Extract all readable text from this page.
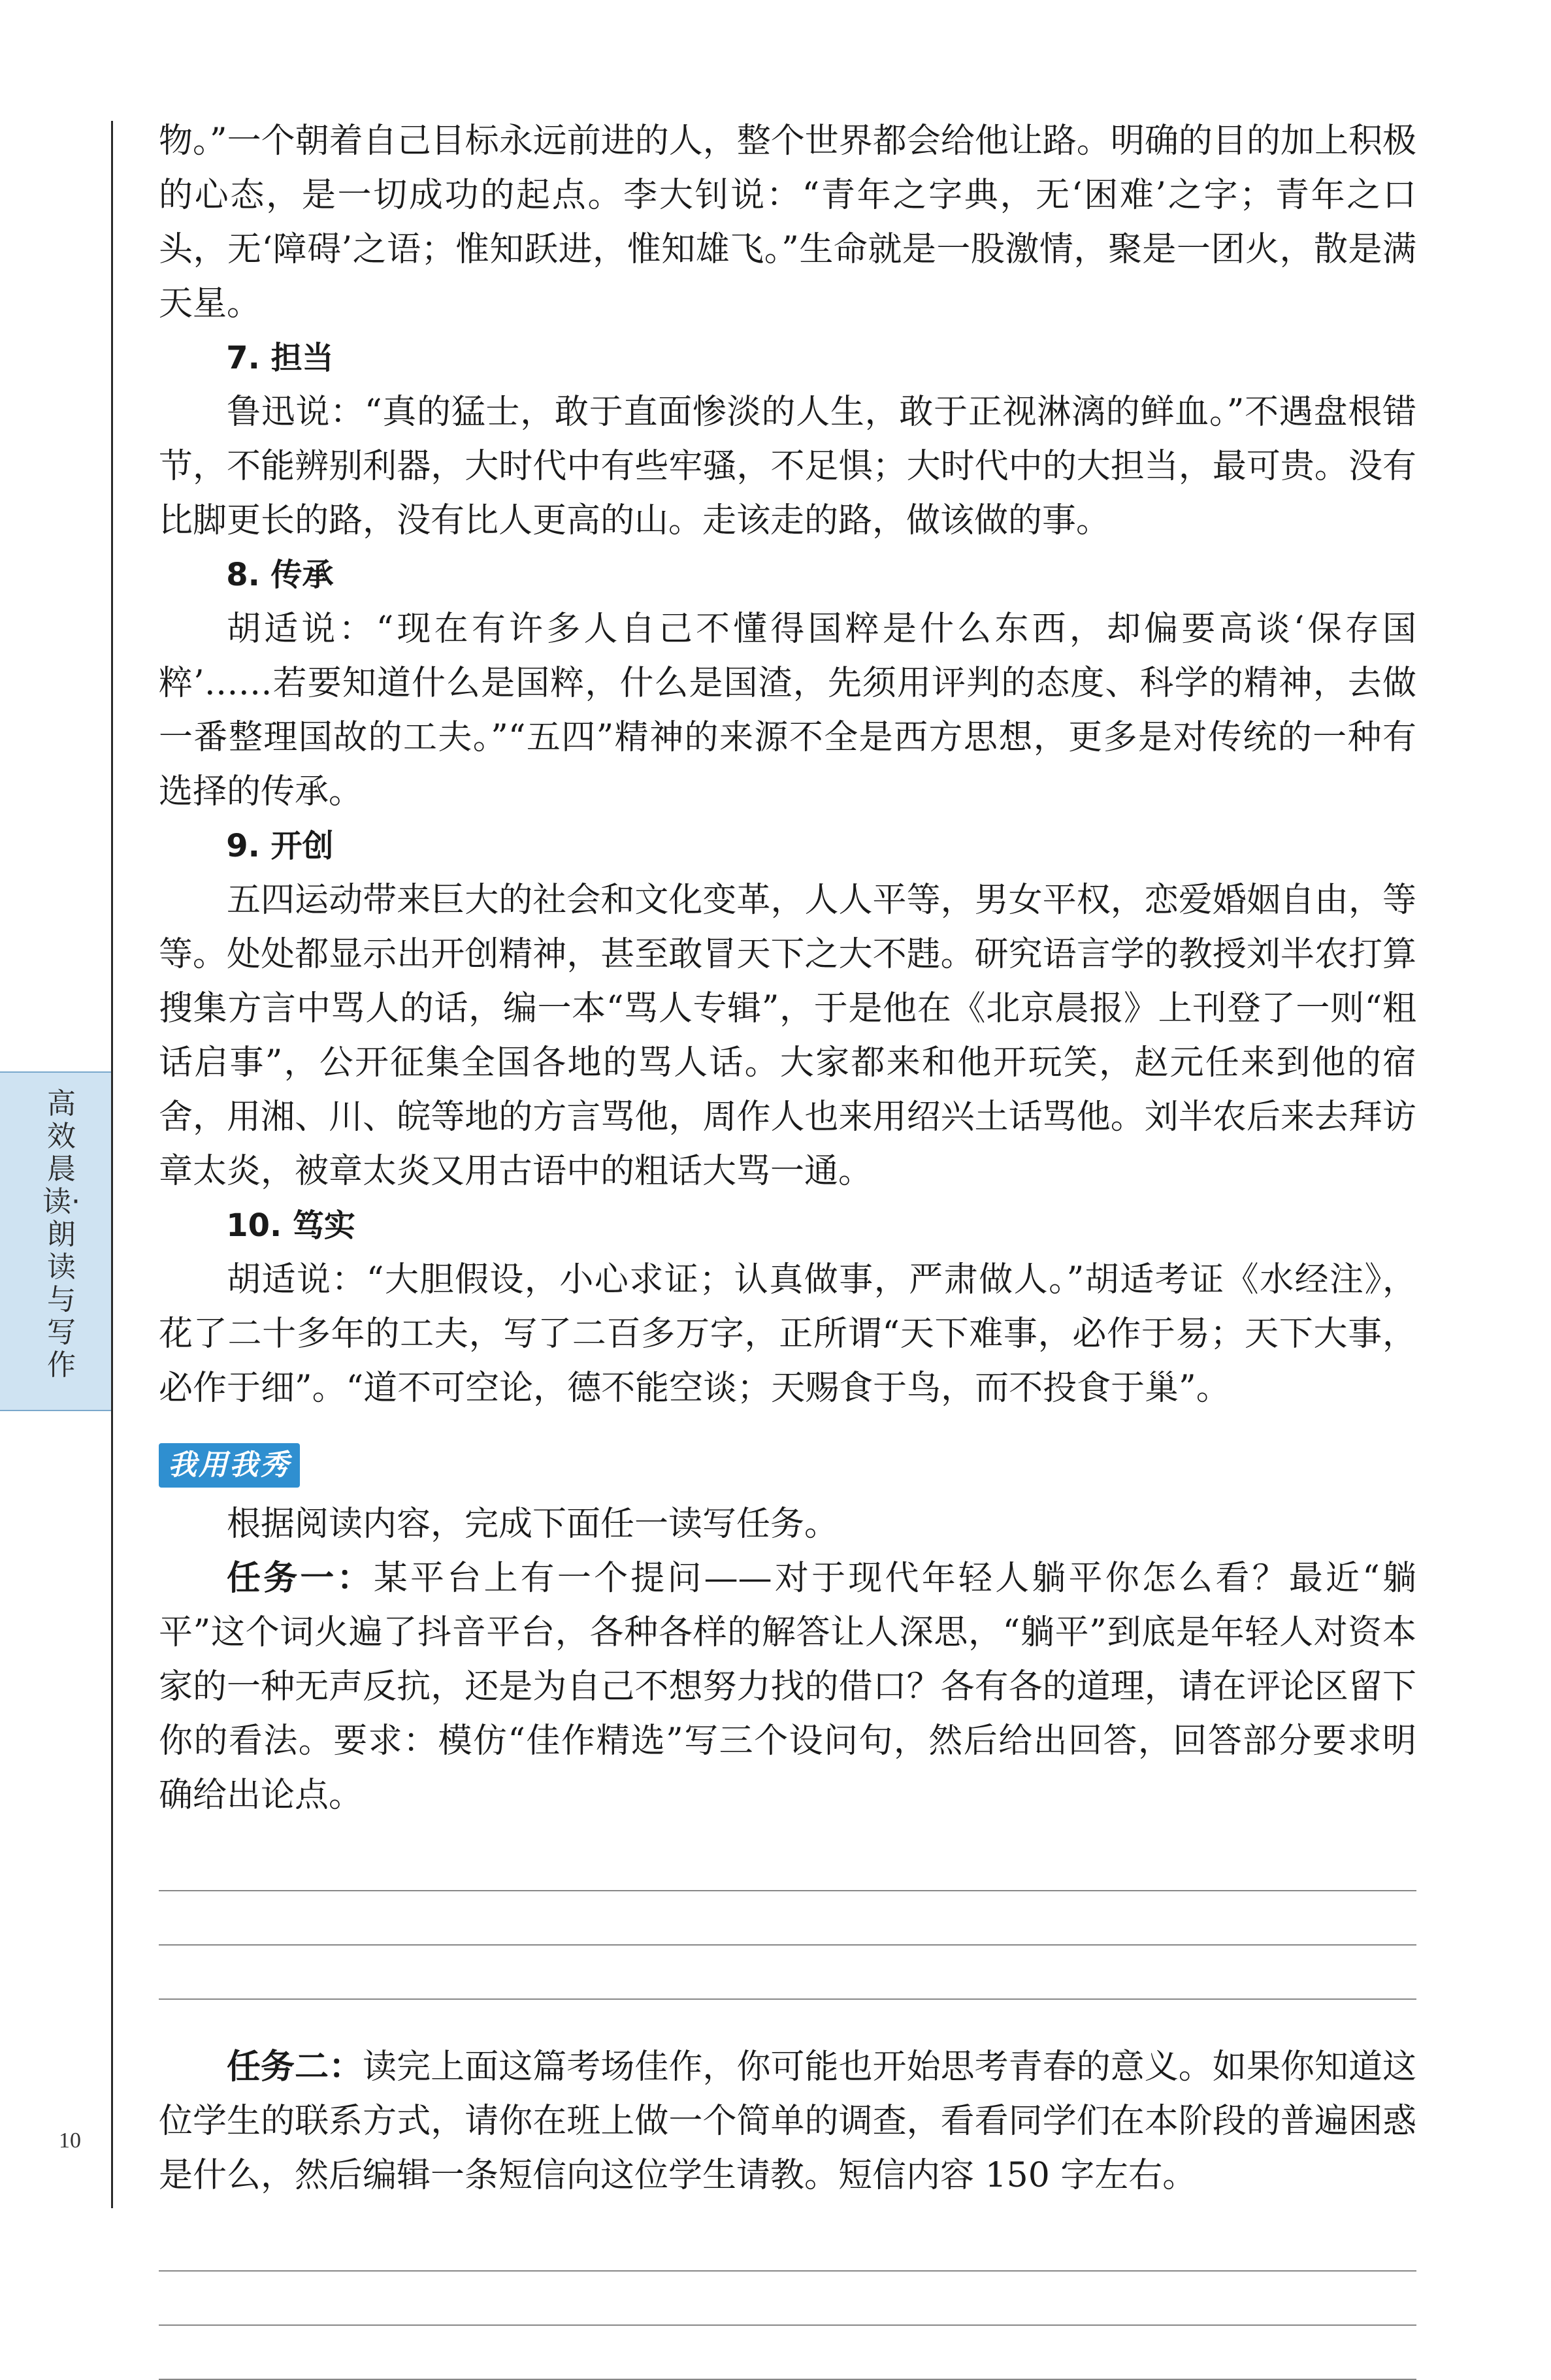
高效晨读·朗读与写作
10

物。”一个朝着自己目标永远前进的人，整个世界都会给他让路。明确的目的加上积极的心态，是一切成功的起点。李大钊说：“青年之字典，无‘困难’之字；青年之口头，无‘障碍’之语；惟知跃进，惟知雄飞。”生命就是一股激情，聚是一团火，散是满天星。

7. 担当

鲁迅说：“真的猛士，敢于直面惨淡的人生，敢于正视淋漓的鲜血。”不遇盘根错节，不能辨别利器，大时代中有些牢骚，不足惧；大时代中的大担当，最可贵。没有比脚更长的路，没有比人更高的山。走该走的路，做该做的事。

8. 传承

胡适说：“现在有许多人自己不懂得国粹是什么东西，却偏要高谈‘保存国粹’……若要知道什么是国粹，什么是国渣，先须用评判的态度、科学的精神，去做一番整理国故的工夫。”“五四”精神的来源不全是西方思想，更多是对传统的一种有选择的传承。

9. 开创

五四运动带来巨大的社会和文化变革，人人平等，男女平权，恋爱婚姻自由，等等。处处都显示出开创精神，甚至敢冒天下之大不韪。研究语言学的教授刘半农打算搜集方言中骂人的话，编一本“骂人专辑”，于是他在《北京晨报》上刊登了一则“粗话启事”，公开征集全国各地的骂人话。大家都来和他开玩笑，赵元任来到他的宿舍，用湘、川、皖等地的方言骂他，周作人也来用绍兴土话骂他。刘半农后来去拜访章太炎，被章太炎又用古语中的粗话大骂一通。

10. 笃实

胡适说：“大胆假设，小心求证；认真做事，严肃做人。”胡适考证《水经注》，花了二十多年的工夫，写了二百多万字，正所谓“天下难事，必作于易；天下大事，必作于细”。“道不可空论，德不能空谈；天赐食于鸟，而不投食于巢”。

我用我秀

根据阅读内容，完成下面任一读写任务。

任务一：某平台上有一个提问——对于现代年轻人躺平你怎么看？最近“躺平”这个词火遍了抖音平台，各种各样的解答让人深思，“躺平”到底是年轻人对资本家的一种无声反抗，还是为自己不想努力找的借口？各有各的道理，请在评论区留下你的看法。要求：模仿“佳作精选”写三个设问句，然后给出回答，回答部分要求明确给出论点。

任务二：读完上面这篇考场佳作，你可能也开始思考青春的意义。如果你知道这位学生的联系方式，请你在班上做一个简单的调查，看看同学们在本阶段的普遍困惑是什么，然后编辑一条短信向这位学生请教。短信内容 150 字左右。
